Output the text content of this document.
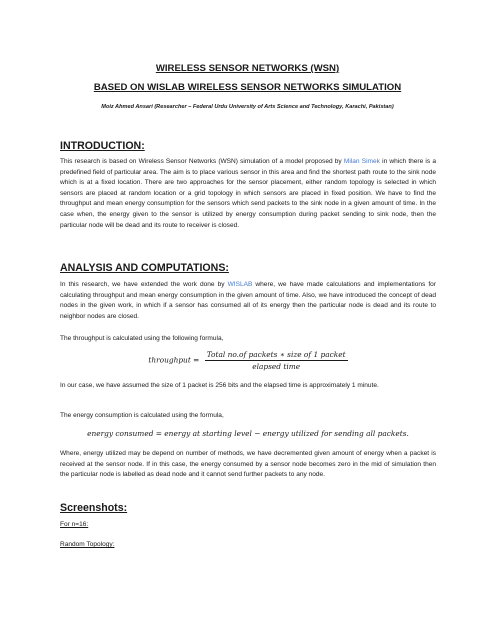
WIRELESS SENSOR NETWORKS (WSN)

BASED ON WISLAB WIRELESS SENSOR NETWORKS SIMULATION

Moiz Ahmed Ansari (Researcher – Federal Urdu University of Arts Science and Technology, Karachi, Pakistan)

INTRODUCTION:

This research is based on Wireless Sensor Networks (WSN) simulation of a model proposed by Milan Simek in which there is a predefined field of particular area. The aim is to place various sensor in this area and find the shortest path route to the sink node which is at a fixed location. There are two approaches for the sensor placement, either random topology is selected in which sensors are placed at random location or a grid topology in which sensors are placed in fixed position. We have to find the throughput and mean energy consumption for the sensors which send packets to the sink node in a given amount of time. In the case when, the energy given to the sensor is utilized by energy consumption during packet sending to sink node, then the particular node will be dead and its route to receiver is closed.

ANALYSIS AND COMPUTATIONS:

In this research, we have extended the work done by WISLAB where, we have made calculations and implementations for calculating throughput and mean energy consumption in the given amount of time. Also, we have introduced the concept of dead nodes in the given work, in which if a sensor has consumed all of its energy then the particular node is dead and its route to neighbor nodes are closed.

The throughput is calculated using the following formula,

throughput = $\frac{\text{Total no.of packets ∗ size of 1 packet}}{\text{elapsed time}}$

In our case, we have assumed the size of 1 packet is 256 bits and the elapsed time is approximately 1 minute.

The energy consumption is calculated using the formula,

energy consumed = energy at starting level − energy utilized for sending all packets.

Where, energy utilized may be depend on number of methods, we have decremented given amount of energy when a packet is received at the sensor node. If in this case, the energy consumed by a sensor node becomes zero in the mid of simulation then the particular node is labelled as dead node and it cannot send further packets to any node.

Screenshots:

For n=16:

Random Topology:
